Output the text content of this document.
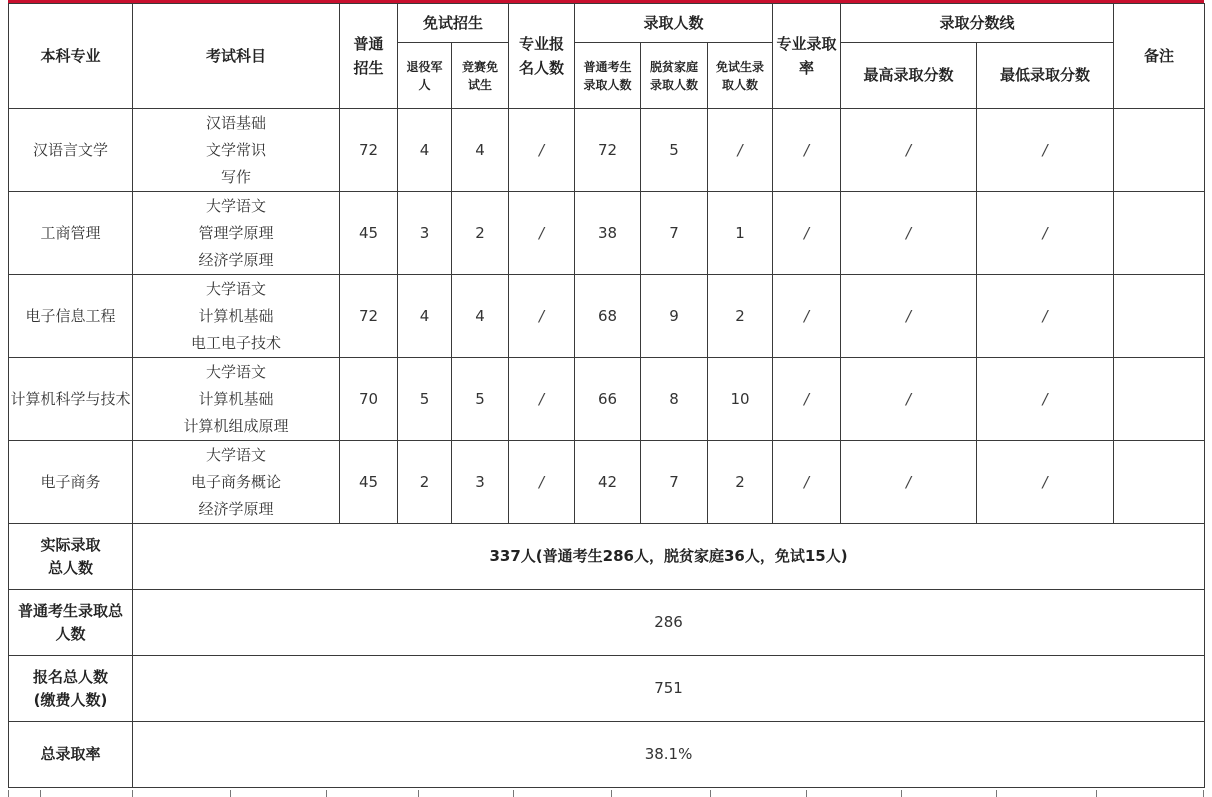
本科专业	考试科目	普通招生	免试招生		专业报名人数	录取人数			专业录取率	录取分数线		备注
			退役军人	竞赛免试生		普通考生录取人数	脱贫家庭录取人数	免试生录取人数		最高录取分数	最低录取分数	
汉语言文学	汉语基础
文学常识
写作	72	4	4	/	72	5	/	/	/	/	
工商管理	大学语文
管理学原理
经济学原理	45	3	2	/	38	7	1	/	/	/	
电子信息工程	大学语文
计算机基础
电工电子技术	72	4	4	/	68	9	2	/	/	/	
计算机科学与技术	大学语文
计算机基础
计算机组成原理	70	5	5	/	66	8	10	/	/	/	
电子商务	大学语文
电子商务概论
经济学原理	45	2	3	/	42	7	2	/	/	/	
实际录取总人数	337人(普通考生286人，脱贫家庭36人，免试15人)											
普通考生录取总人数	286											
报名总人数(缴费人数)	751											
总录取率	38.1%											
